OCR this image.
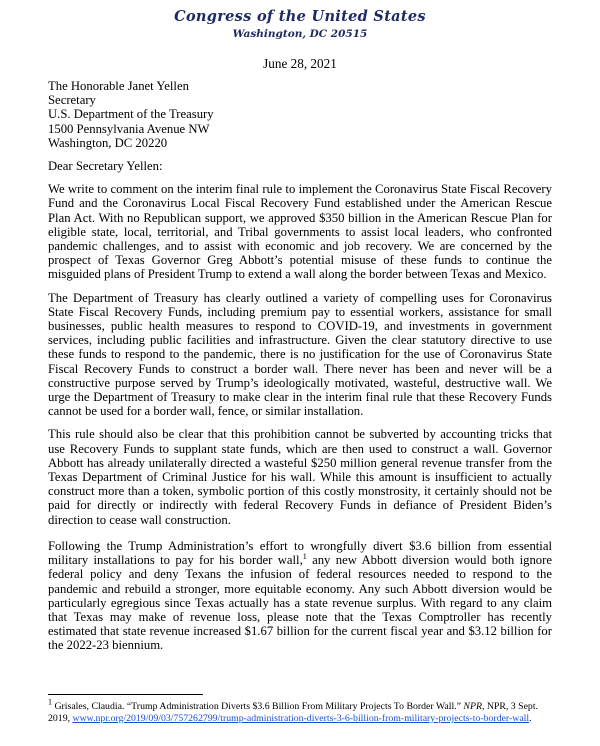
Congress of the United States
Washington, DC 20515
June 28, 2021
The Honorable Janet Yellen
Secretary
U.S. Department of the Treasury
1500 Pennsylvania Avenue NW
Washington, DC 20220
Dear Secretary Yellen:

We write to comment on the interim final rule to implement the Coronavirus State Fiscal Recovery Fund and the Coronavirus Local Fiscal Recovery Fund established under the American Rescue Plan Act. With no Republican support, we approved $350 billion in the American Rescue Plan for eligible state, local, territorial, and Tribal governments to assist local leaders, who confronted pandemic challenges, and to assist with economic and job recovery. We are concerned by the prospect of Texas Governor Greg Abbott’s potential misuse of these funds to continue the misguided plans of President Trump to extend a wall along the border between Texas and Mexico.

The Department of Treasury has clearly outlined a variety of compelling uses for Coronavirus State Fiscal Recovery Funds, including premium pay to essential workers, assistance for small businesses, public health measures to respond to COVID-19, and investments in government services, including public facilities and infrastructure. Given the clear statutory directive to use these funds to respond to the pandemic, there is no justification for the use of Coronavirus State Fiscal Recovery Funds to construct a border wall. There never has been and never will be a constructive purpose served by Trump’s ideologically motivated, wasteful, destructive wall. We urge the Department of Treasury to make clear in the interim final rule that these Recovery Funds cannot be used for a border wall, fence, or similar installation.

This rule should also be clear that this prohibition cannot be subverted by accounting tricks that use Recovery Funds to supplant state funds, which are then used to construct a wall. Governor Abbott has already unilaterally directed a wasteful $250 million general revenue transfer from the Texas Department of Criminal Justice for his wall. While this amount is insufficient to actually construct more than a token, symbolic portion of this costly monstrosity, it certainly should not be paid for directly or indirectly with federal Recovery Funds in defiance of President Biden’s direction to cease wall construction.

Following the Trump Administration’s effort to wrongfully divert $3.6 billion from essential military installations to pay for his border wall,$^1$ any new Abbott diversion would both ignore federal policy and deny Texans the infusion of federal resources needed to respond to the pandemic and rebuild a stronger, more equitable economy. Any such Abbott diversion would be particularly egregious since Texas actually has a state revenue surplus. With regard to any claim that Texas may make of revenue loss, please note that the Texas Comptroller has recently estimated that state revenue increased $1.67 billion for the current fiscal year and $3.12 billion for the 2022-23 biennium.

$^1$ Grisales, Claudia. “Trump Administration Diverts $3.6 Billion From Military Projects To Border Wall.” NPR, NPR, 3 Sept. 2019, www.npr.org/2019/09/03/757262799/trump-administration-diverts-3-6-billion-from-military-projects-to-border-wall.
